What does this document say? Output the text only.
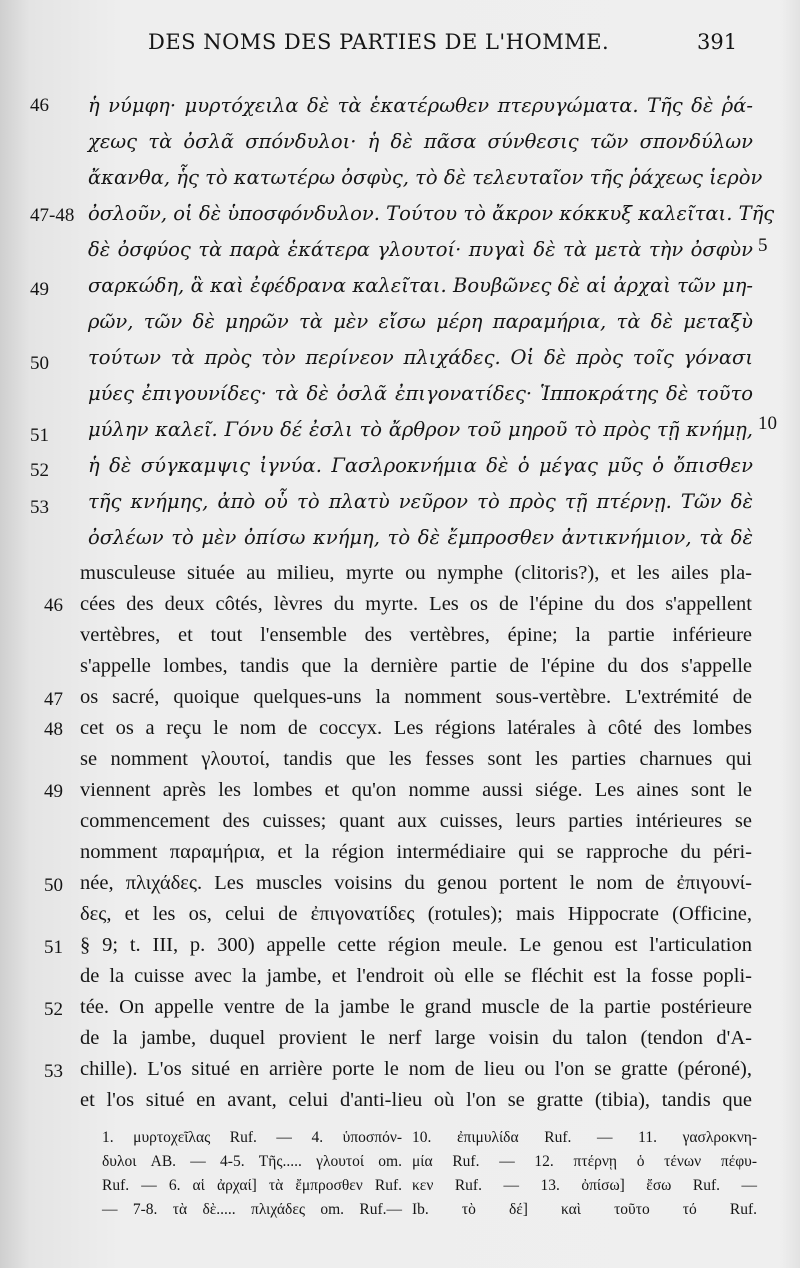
DES NOMS DES PARTIES DE L'HOMME.	391
46	ἡ νύμφη· μυρτόχειλα δὲ τὰ ἑκατέρωθεν πτερυγώματα. Τῆς δὲ ῥά-
χεως τὰ ὀσλᾶ σπόνδυλοι· ἡ δὲ πᾶσα σύνθεσις τῶν σπονδύλων
ἄκανθα, ἧς τὸ κατωτέρω ὀσφὺς, τὸ δὲ τελευταῖον τῆς ῥάχεως ἱερὸν
47-48 ὀσλοῦν, οἱ δὲ ὑποσφόνδυλον. Τούτου τὸ ἄκρον κόκκυξ καλεῖται. Τῆς
δὲ ὀσφύος τὰ παρὰ ἑκάτερα γλουτοί· πυγαὶ δὲ τὰ μετὰ τὴν ὀσφὺν 5
49	σαρκώδη, ἃ καὶ ἐφέδρανα καλεῖται. Βουβῶνες δὲ αἱ ἀρχαὶ τῶν μη-
ρῶν, τῶν δὲ μηρῶν τὰ μὲν εἴσω μέρη παραμήρια, τὰ δὲ μεταξὺ
50	τούτων τὰ πρὸς τὸν περίνεον πλιχάδες. Οἱ δὲ πρὸς τοῖς γόνασι
μύες ἐπιγουνίδες· τὰ δὲ ὀσλᾶ ἐπιγονατίδες· Ἱπποκράτης δὲ τοῦτο
51	μύλην καλεῖ. Γόνυ δέ ἐσλι τὸ ἄρθρον τοῦ μηροῦ τὸ πρὸς τῇ κνήμῃ, 10
52	ἡ δὲ σύγκαμψις ἰγνύα. Γασλροκνήμια δὲ ὁ μέγας μῦς ὁ ὄπισθεν
53	τῆς κνήμης, ἀπὸ οὗ τὸ πλατὺ νεῦρον τὸ πρὸς τῇ πτέρνῃ. Τῶν δὲ
ὀσλέων τὸ μὲν ὀπίσω κνήμη, τὸ δὲ ἔμπροσθεν ἀντικνήμιον, τὰ δὲ
musculeuse située au milieu, myrte ou nymphe (clitoris?), et les ailes pla-
46 cées des deux côtés, lèvres du myrte. Les os de l'épine du dos s'appellent
vertèbres, et tout l'ensemble des vertèbres, épine; la partie inférieure
s'appelle lombes, tandis que la dernière partie de l'épine du dos s'appelle
47 os sacré, quoique quelques-uns la nomment sous-vertèbre. L'extrémité de
48 cet os a reçu le nom de coccyx. Les régions latérales à côté des lombes
se nomment γλουτοί, tandis que les fesses sont les parties charnues qui
49 viennent après les lombes et qu'on nomme aussi siége. Les aines sont le
commencement des cuisses; quant aux cuisses, leurs parties intérieures se
nomment παραμήρια, et la région intermédiaire qui se rapproche du péri-
50 née, πλιχάδες. Les muscles voisins du genou portent le nom de ἐπιγουνί-
δες, et les os, celui de ἐπιγονατίδες (rotules); mais Hippocrate (Officine,
51 § 9; t. III, p. 300) appelle cette région meule. Le genou est l'articulation
de la cuisse avec la jambe, et l'endroit où elle se fléchit est la fosse popli-
52 tée. On appelle ventre de la jambe le grand muscle de la partie postérieure
de la jambe, duquel provient le nerf large voisin du talon (tendon d'A-
53 chille). L'os situé en arrière porte le nom de lieu ou l'on se gratte (péroné),
et l'os situé en avant, celui d'anti-lieu où l'on se gratte (tibia), tandis que
1. μυρτοχεῖλας Ruf. — 4. ὑποσπόν-
δυλοι AB. — 4-5. Τῆς..... γλουτοί om.
Ruf. — 6. αἱ ἀρχαί] τὰ ἔμπροσθεν Ruf.
— 7-8. τὰ δὲ..... πλιχάδες om. Ruf.—
10. ἐπιμυλίδα Ruf. — 11. γασλροκνη-
μία Ruf. — 12. πτέρνῃ ὁ τένων πέφυ-
κεν Ruf. — 13. ὀπίσω] ἔσω Ruf. —
Ib. τὸ δέ] καὶ τοῦτο τό Ruf.
